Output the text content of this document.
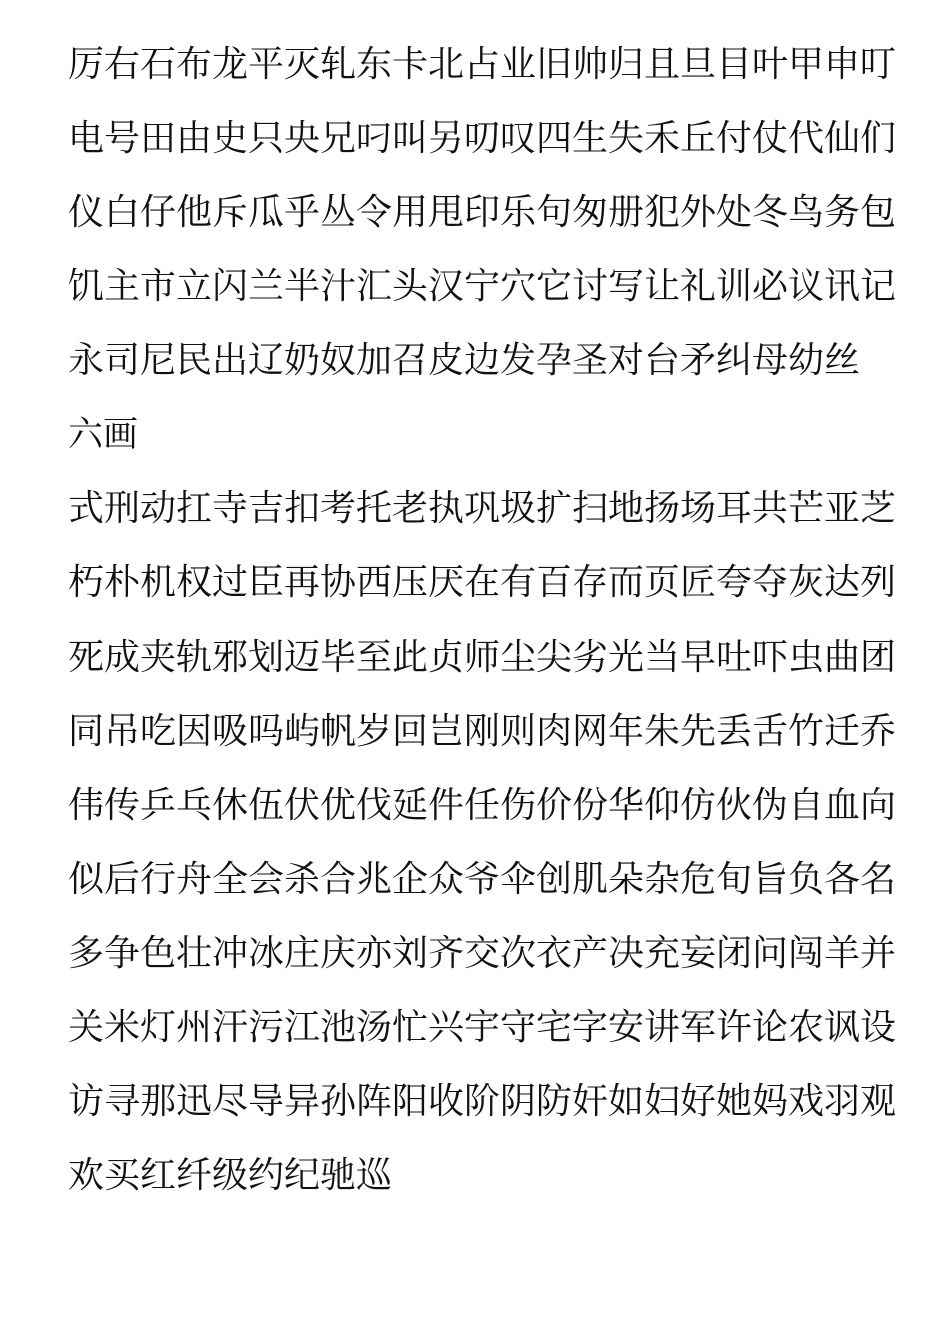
厉右石布龙平灭轧东卡北占业旧帅归且旦目叶甲申叮
电号田由史只央兄叼叫另叨叹四生失禾丘付仗代仙们
仪白仔他斥瓜乎丛令用甩印乐句匆册犯外处冬鸟务包
饥主市立闪兰半汁汇头汉宁穴它讨写让礼训必议讯记
永司尼民出辽奶奴加召皮边发孕圣对台矛纠母幼丝
六画
式刑动扛寺吉扣考托老执巩圾扩扫地扬场耳共芒亚芝
朽朴机权过臣再协西压厌在有百存而页匠夸夺灰达列
死成夹轨邪划迈毕至此贞师尘尖劣光当早吐吓虫曲团
同吊吃因吸吗屿帆岁回岂刚则肉网年朱先丢舌竹迁乔
伟传乒乓休伍伏优伐延件任伤价份华仰仿伙伪自血向
似后行舟全会杀合兆企众爷伞创肌朵杂危旬旨负各名
多争色壮冲冰庄庆亦刘齐交次衣产决充妄闭问闯羊并
关米灯州汗污江池汤忙兴宇守宅字安讲军许论农讽设
访寻那迅尽导异孙阵阳收阶阴防奸如妇好她妈戏羽观
欢买红纤级约纪驰巡
